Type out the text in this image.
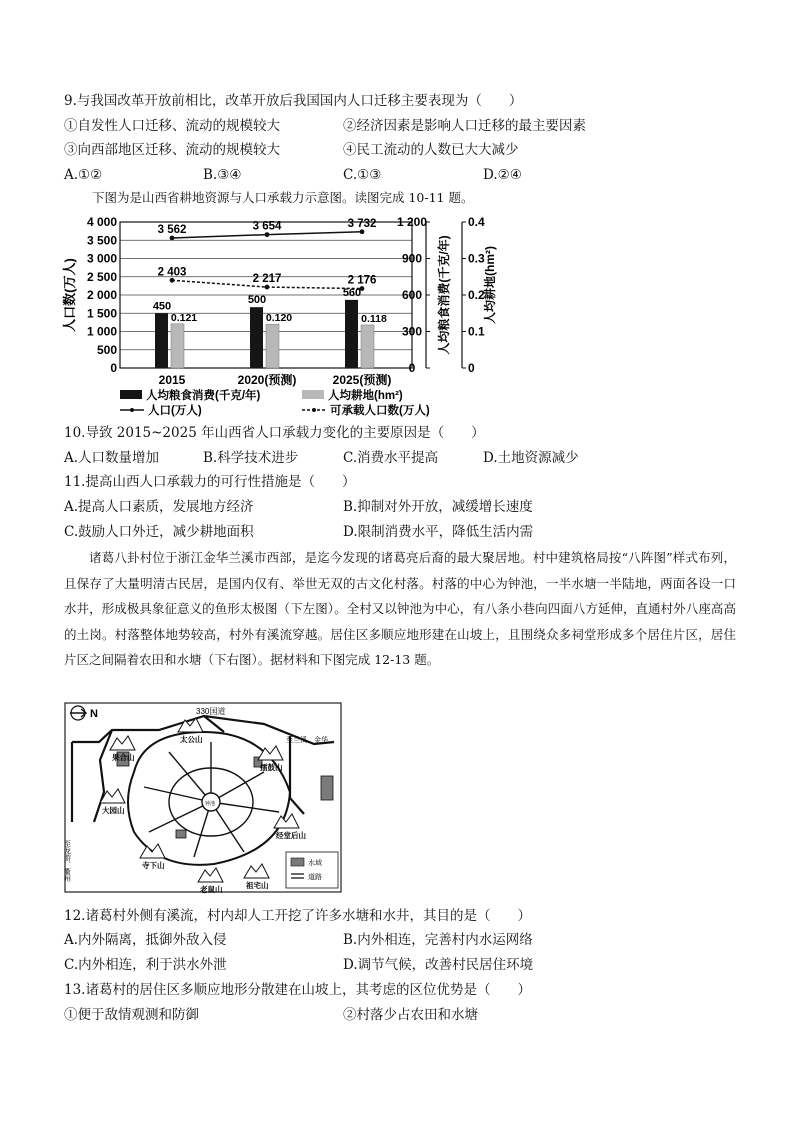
9.与我国改革开放前相比，改革开放后我国国内人口迁移主要表现为（　　）
①自发性人口迁移、流动的规模较大	②经济因素是影响人口迁移的最主要因素
③向西部地区迁移、流动的规模较大	④民工流动的人数已大大减少
A.①②	B.③④	C.①③	D.②④
下图为是山西省耕地资源与人口承载力示意图。读图完成 10-11 题。
4 000
3 500
3 000
2 500
2 000
1 500
1 000
500
0
人口数(万人)
1 200
900
600
300
0
人均粮食消费(千克/年)
0.4
0.3
0.2
0.1
0
人均耕地(hm²)
2015	2020(预测)	2025(预测)
450
0.121
500
0.120
560
0.118
3 562	3 654	3 732
2 403
2 217	2 176
人均粮食消费(千克/年)	人均耕地(hm²)
人口(万人)	可承载人口数(万人)
10.导致 2015~2025 年山西省人口承载力变化的主要原因是（　　）
A.人口数量增加	B.科学技术进步	C.消费水平提高	D.土地资源减少
11.提高山西人口承载力的可行性措施是（　　）
A.提高人口素质，发展地方经济	B.抑制对外开放，减缓增长速度
C.鼓励人口外迁，减少耕地面积	D.限制消费水平，降低生活内需
诸葛八卦村位于浙江金华兰溪市西部，是迄今发现的诸葛亮后裔的最大聚居地。村中建筑格局按“八阵图”样式布列，且保存了大量明清古民居，是国内仅有、举世无双的古文化村落。村落的中心为钟池，一半水塘一半陆地，两面各设一口水井，形成极具象征意义的鱼形太极图（下左图）。全村又以钟池为中心，有八条小巷向四面八方延伸，直通村外八座高高的土岗。村落整体地势较高，村外有溪流穿越。居住区多顺应地形建在山坡上，且围绕众多祠堂形成多个居住片区，居住片区之间隔着农田和水塘（下右图）。据材料和下图完成 12-13 题。
N	330国道
至兰溪、金华
至龙游、衢州
钟池
太公山
果合山
擂鼓山
大园山
经堂后山
寺下山
老鼠山	祖宅山
水域
道路
12.诸葛村外侧有溪流，村内却人工开挖了许多水塘和水井，其目的是（　　）
A.内外隔离，抵御外敌入侵	B.内外相连，完善村内水运网络
C.内外相连，利于洪水外泄	D.调节气候，改善村民居住环境
13.诸葛村的居住区多顺应地形分散建在山坡上，其考虑的区位优势是（　　）
①便于敌情观测和防御	②村落少占农田和水塘
